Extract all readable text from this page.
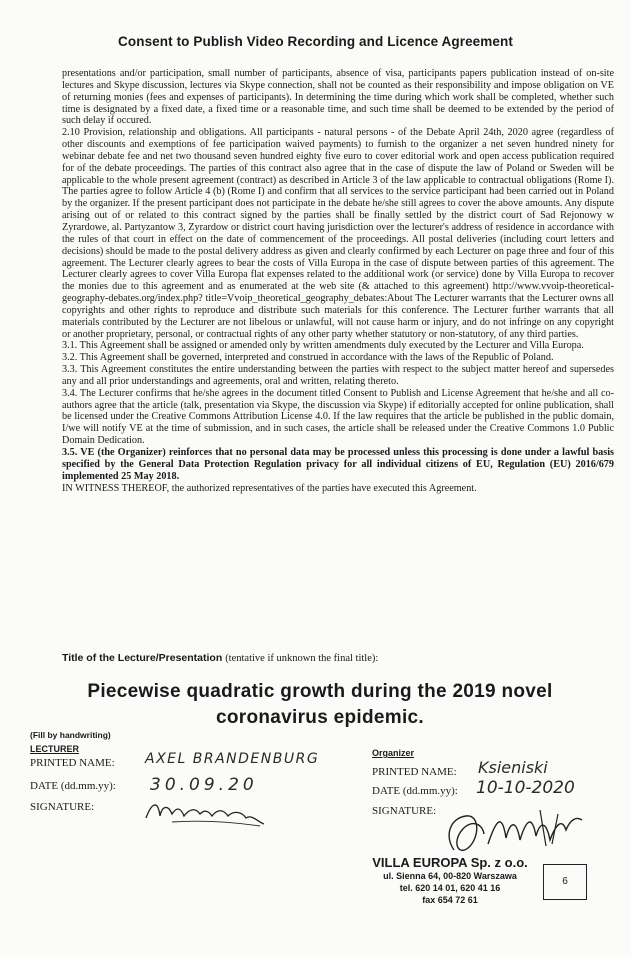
Consent to Publish Video Recording and Licence Agreement

presentations and/or participation, small number of participants, absence of visa, participants papers publication instead of on-site lectures and Skype discussion, lectures via Skype connection, shall not be counted as their responsibility and impose obligation on VE of returning monies (fees and expenses of participants). In determining the time during which work shall be completed, whether such time is designated by a fixed date, a fixed time or a reasonable time, and such time shall be deemed to be extended by the period of such delay if occured.

2.10 Provision, relationship and obligations. All participants - natural persons - of the Debate April 24th, 2020 agree (regardless of other discounts and exemptions of fee participation waived payments) to furnish to the organizer a net seven hundred ninety for webinar debate fee and net two thousand seven hundred eighty five euro to cover editorial work and open access publication required for of the debate proceedings. The parties of this contract also agree that in the case of dispute the law of Poland or Sweden will be applicable to the whole present agreement (contract) as described in Article 3 of the law applicable to contractual obligations (Rome I). The parties agree to follow Article 4 (b) (Rome I) and confirm that all services to the service participant had been carried out in Poland by the organizer. If the present participant does not participate in the debate he/she still agrees to cover the above amounts. Any dispute arising out of or related to this contract signed by the parties shall be finally settled by the district court of Sad Rejonowy w Zyrardowe, al. Partyzantow 3, Zyrardow or district court having jurisdiction over the lecturer's address of residence in accordance with the rules of that court in effect on the date of commencement of the proceedings. All postal deliveries (including court letters and decisions) should be made to the postal delivery address as given and clearly confirmed by each Lecturer on page three and four of this agreement. The Lecturer clearly agrees to bear the costs of Villa Europa in the case of dispute between parties of this agreement. The Lecturer clearly agrees to cover Villa Europa flat expenses related to the additional work (or service) done by Villa Europa to recover the monies due to this agreement and as enumerated at the web site (& attached to this agreement) http://www.vvoip-theoretical-geography-debates.org/index.php? title=Vvoip_theoretical_geography_debates:About The Lecturer warrants that the Lecturer owns all copyrights and other rights to reproduce and distribute such materials for this conference. The Lecturer further warrants that all materials contributed by the Lecturer are not libelous or unlawful, will not cause harm or injury, and do not infringe on any copyright or another proprietary, personal, or contractual rights of any other party whether statutory or non-statutory, of any third parties.

3.1. This Agreement shall be assigned or amended only by written amendments duly executed by the Lecturer and Villa Europa.

3.2. This Agreement shall be governed, interpreted and construed in accordance with the laws of the Republic of Poland.

3.3. This Agreement constitutes the entire understanding between the parties with respect to the subject matter hereof and supersedes any and all prior understandings and agreements, oral and written, relating thereto.

3.4. The Lecturer confirms that he/she agrees in the document titled Consent to Publish and License Agreement that he/she and all co-authors agree that the article (talk, presentation via Skype, the discussion via Skype) if editorially accepted for online publication, shall be licensed under the Creative Commons Attribution License 4.0. If the law requires that the article be published in the public domain, I/we will notify VE at the time of submission, and in such cases, the article shall be released under the Creative Commons 1.0 Public Domain Dedication.

3.5. VE (the Organizer) reinforces that no personal data may be processed unless this processing is done under a lawful basis specified by the General Data Protection Regulation privacy for all individual citizens of EU, Regulation (EU) 2016/679 implemented 25 May 2018.

IN WITNESS THEREOF, the authorized representatives of the parties have executed this Agreement.

Title of the Lecture/Presentation (tentative if unknown the final title):
Piecewise quadratic growth during the 2019 novel
coronavirus epidemic.
(Fill by handwriting)
LECTURER
PRINTED NAME: AXEL BRANDENBURG
DATE (dd.mm.yy): 30.09.20
SIGNATURE:
Organizer
PRINTED NAME: Ksieniski
DATE (dd.mm.yy): 10-10-2020
SIGNATURE:
VILLA EUROPA Sp. z o.o.
ul. Sienna 64, 00-820 Warszawa
tel. 620 14 01, 620 41 16
fax 654 72 61
6
